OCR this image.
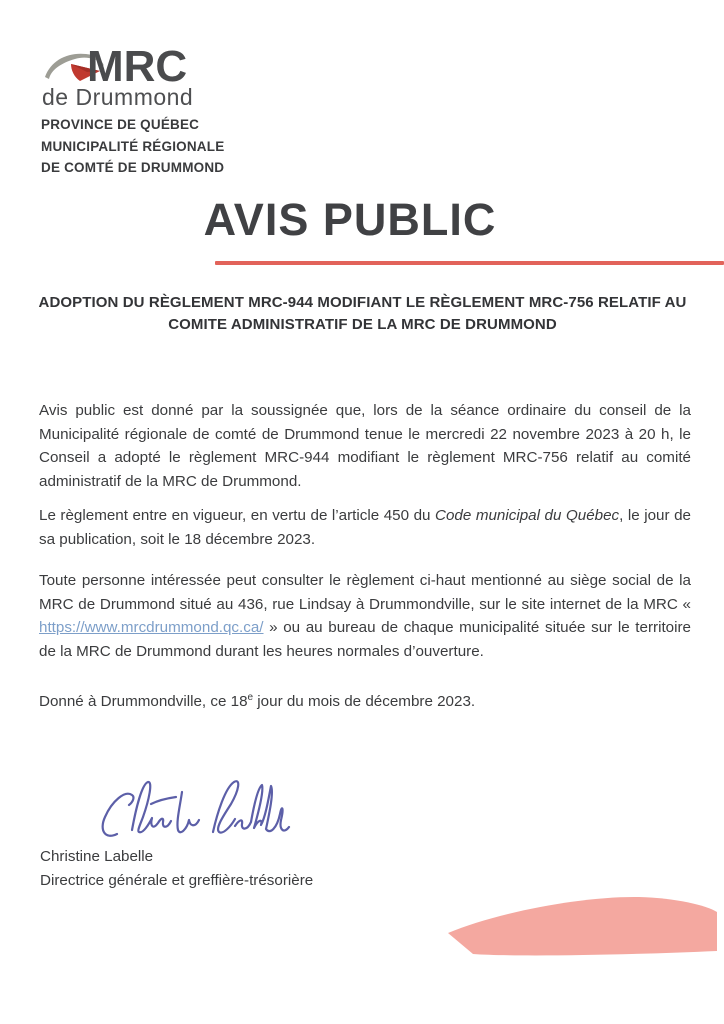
MRC
de Drummond
PROVINCE DE QUÉBEC
MUNICIPALITÉ RÉGIONALE
DE COMTÉ DE DRUMMOND
AVIS PUBLIC
ADOPTION DU RÈGLEMENT MRC-944 MODIFIANT LE RÈGLEMENT MRC-756 RELATIF AU
COMITE ADMINISTRATIF DE LA MRC DE DRUMMOND
Avis public est donné par la soussignée que, lors de la séance ordinaire du conseil de la Municipalité régionale de comté de Drummond tenue le mercredi 22 novembre 2023 à 20 h, le Conseil a adopté le règlement MRC-944 modifiant le règlement MRC-756 relatif au comité administratif de la MRC de Drummond.
Le règlement entre en vigueur, en vertu de l’article 450 du Code municipal du Québec, le jour de sa publication, soit le 18 décembre 2023.
Toute personne intéressée peut consulter le règlement ci-haut mentionné au siège social de la MRC de Drummond situé au 436, rue Lindsay à Drummondville, sur le site internet de la MRC « https://www.mrcdrummond.qc.ca/ » ou au bureau de chaque municipalité située sur le territoire de la MRC de Drummond durant les heures normales d’ouverture.
Donné à Drummondville, ce 18e jour du mois de décembre 2023.
Christine Labelle
Directrice générale et greffière-trésorière
